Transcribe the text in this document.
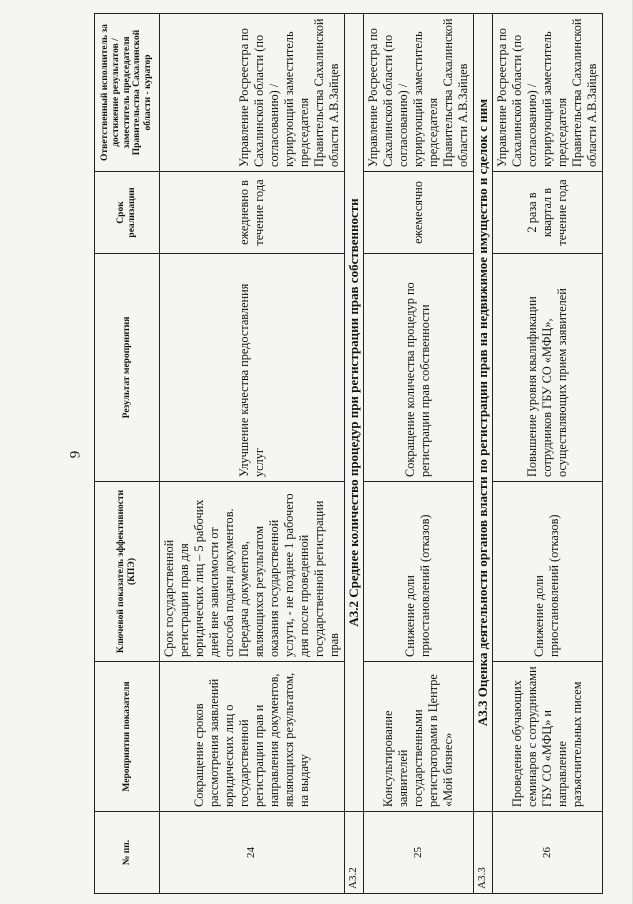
9
№ пп.	Мероприятия показателя	Ключевой показатель эффективности (КПЭ)	Результат мероприятия	Срок реализации	Ответственный исполнитель за достижение результатов / заместитель председателя Правительства Сахалинской области - куратор
24	Сокращение сроков рассмотрения заявлений юридических лиц о государственной регистрации прав и направления документов, являющихся результатом, на выдачу	Срок государственной регистрации прав для юридических лиц – 5 рабочих дней вне зависимости от способа подачи документов. Передача документов, являющихся результатом оказания государственной услуги, - не позднее 1 рабочего дня после проведенной государственной регистрации прав	Улучшение качества предоставления услуг	ежедневно в течение года	Управление Росреестра по Сахалинской области (по согласованию) /курирующий заместитель председателя Правительства Сахалинской области А.В.Зайцев
А3.2	А3.2 Среднее количество процедур при регистрации прав собственности				
25	Консультирование заявителей государственными регистраторами в Центре «Мой бизнес»	Снижение доли приостановлений (отказов)	Сокращение количества процедур по регистрации прав собственности	ежемесячно	Управление Росреестра по Сахалинской области (по согласованию) /курирующий заместитель председателя Правительства Сахалинской области А.В.Зайцев
А3.3	А3.3 Оценка деятельности органов власти по регистрации прав на недвижимое имущество и сделок с ним				
26	Проведение обучающих семинаров с сотрудниками ГБУ СО «МФЦ» и направление разъяснительных писем	Снижение доли приостановлений (отказов)	Повышение уровня квалификации сотрудников ГБУ СО «МФЦ», осуществляющих прием заявителей	2 раза в квартал в течение года	Управление Росреестра по Сахалинской области (по согласованию) /курирующий заместитель председателя Правительства Сахалинской области А.В.Зайцев
